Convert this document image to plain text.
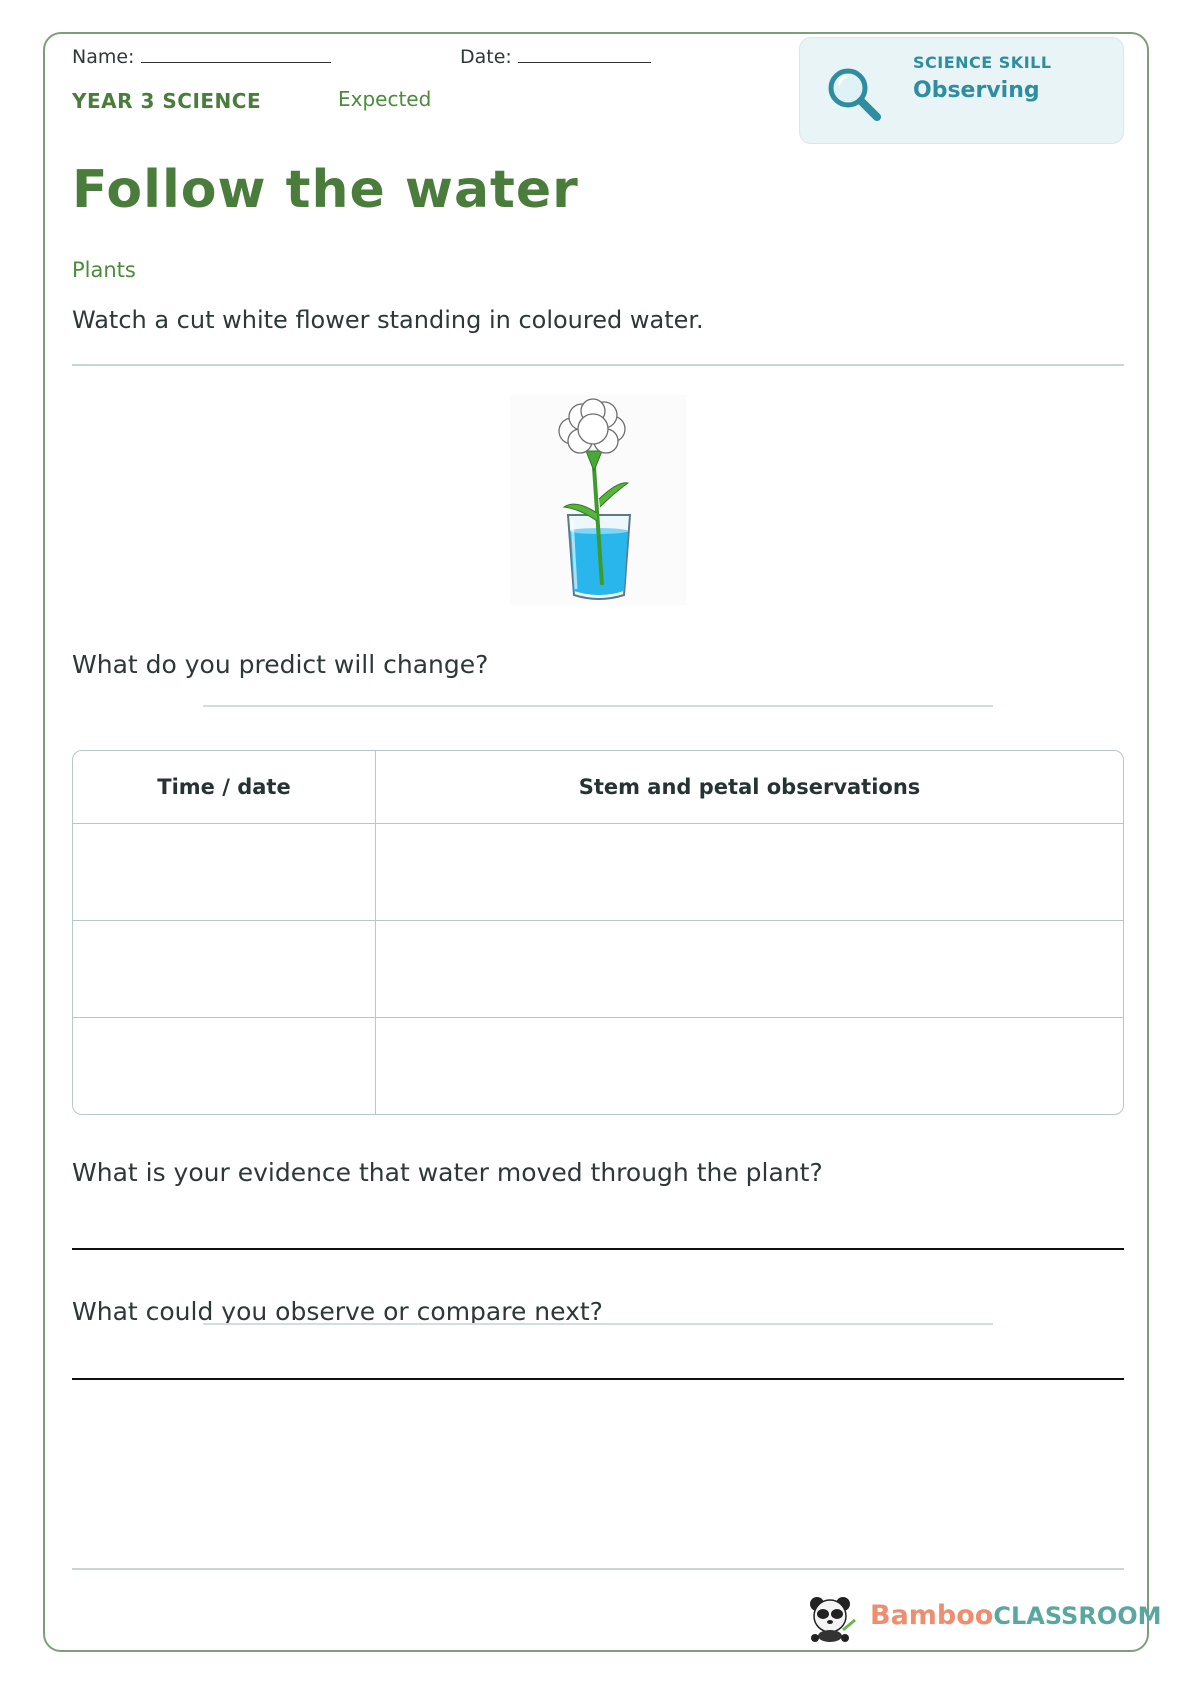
Name:	Date:
YEAR 3 SCIENCE	Expected
SCIENCE SKILL
Observing
Follow the water
Plants
Watch a cut white flower standing in coloured water.
What do you predict will change?
Time / date	Stem and petal observations

What is your evidence that water moved through the plant?
What could you observe or compare next?
BambooCLASSROOM
